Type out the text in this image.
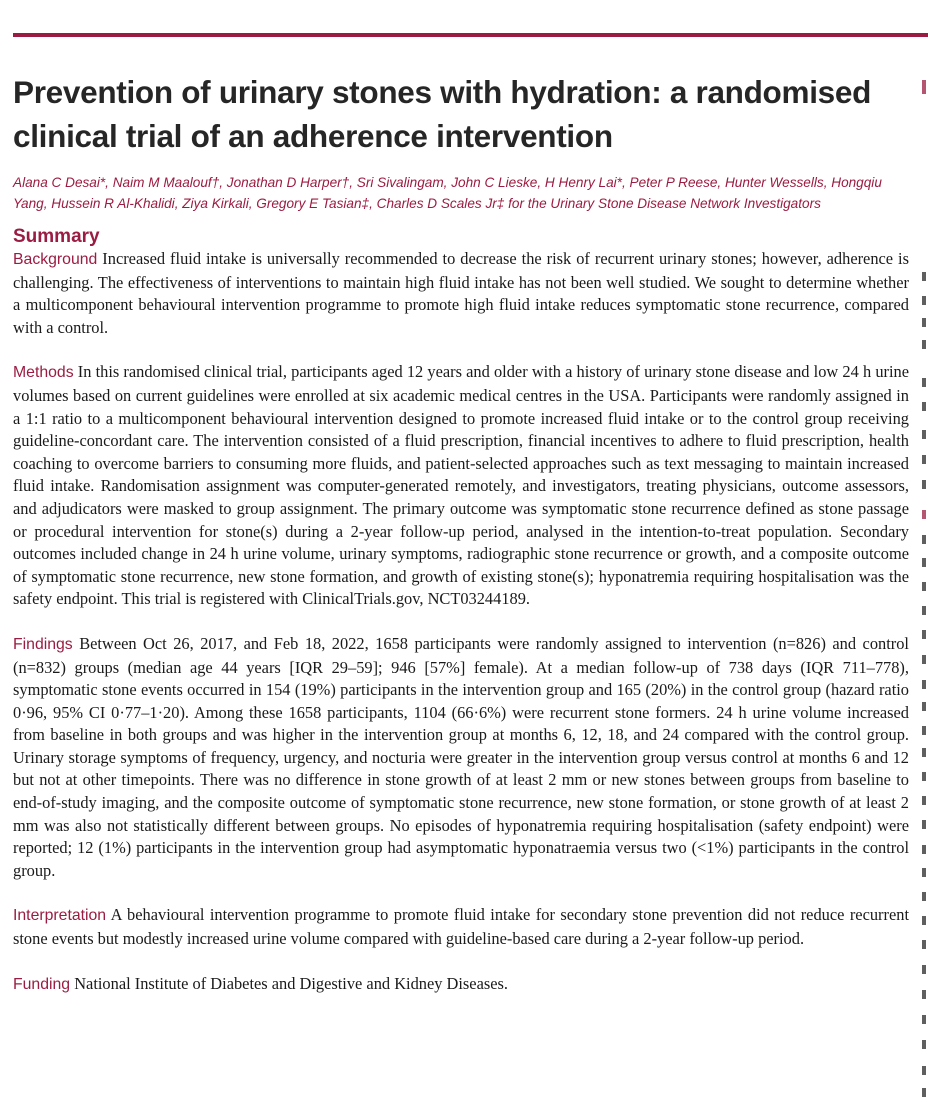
Prevention of urinary stones with hydration: a randomised clinical trial of an adherence intervention

Alana C Desai*, Naim M Maalouf†, Jonathan D Harper†, Sri Sivalingam, John C Lieske, H Henry Lai*, Peter P Reese, Hunter Wessells, Hongqiu Yang, Hussein R Al-Khalidi, Ziya Kirkali, Gregory E Tasian‡, Charles D Scales Jr‡ for the Urinary Stone Disease Network Investigators

Summary

Background Increased fluid intake is universally recommended to decrease the risk of recurrent urinary stones; however, adherence is challenging. The effectiveness of interventions to maintain high fluid intake has not been well studied. We sought to determine whether a multicomponent behavioural intervention programme to promote high fluid intake reduces symptomatic stone recurrence, compared with a control.

Methods In this randomised clinical trial, participants aged 12 years and older with a history of urinary stone disease and low 24 h urine volumes based on current guidelines were enrolled at six academic medical centres in the USA. Participants were randomly assigned in a 1:1 ratio to a multicomponent behavioural intervention designed to promote increased fluid intake or to the control group receiving guideline-concordant care. The intervention consisted of a fluid prescription, financial incentives to adhere to fluid prescription, health coaching to overcome barriers to consuming more fluids, and patient-selected approaches such as text messaging to maintain increased fluid intake. Randomisation assignment was computer-generated remotely, and investigators, treating physicians, outcome assessors, and adjudicators were masked to group assignment. The primary outcome was symptomatic stone recurrence defined as stone passage or procedural intervention for stone(s) during a 2-year follow-up period, analysed in the intention-to-treat population. Secondary outcomes included change in 24 h urine volume, urinary symptoms, radiographic stone recurrence or growth, and a composite outcome of symptomatic stone recurrence, new stone formation, and growth of existing stone(s); hyponatremia requiring hospitalisation was the safety endpoint. This trial is registered with ClinicalTrials.gov, NCT03244189.

Findings Between Oct 26, 2017, and Feb 18, 2022, 1658 participants were randomly assigned to intervention (n=826) and control (n=832) groups (median age 44 years [IQR 29–59]; 946 [57%] female). At a median follow-up of 738 days (IQR 711–778), symptomatic stone events occurred in 154 (19%) participants in the intervention group and 165 (20%) in the control group (hazard ratio 0·96, 95% CI 0·77–1·20). Among these 1658 participants, 1104 (66·6%) were recurrent stone formers. 24 h urine volume increased from baseline in both groups and was higher in the intervention group at months 6, 12, 18, and 24 compared with the control group. Urinary storage symptoms of frequency, urgency, and nocturia were greater in the intervention group versus control at months 6 and 12 but not at other timepoints. There was no difference in stone growth of at least 2 mm or new stones between groups from baseline to end-of-study imaging, and the composite outcome of symptomatic stone recurrence, new stone formation, or stone growth of at least 2 mm was also not statistically different between groups. No episodes of hyponatremia requiring hospitalisation (safety endpoint) were reported; 12 (1%) participants in the intervention group had asymptomatic hyponatraemia versus two (<1%) participants in the control group.

Interpretation A behavioural intervention programme to promote fluid intake for secondary stone prevention did not reduce recurrent stone events but modestly increased urine volume compared with guideline-based care during a 2-year follow-up period.

Funding National Institute of Diabetes and Digestive and Kidney Diseases.
